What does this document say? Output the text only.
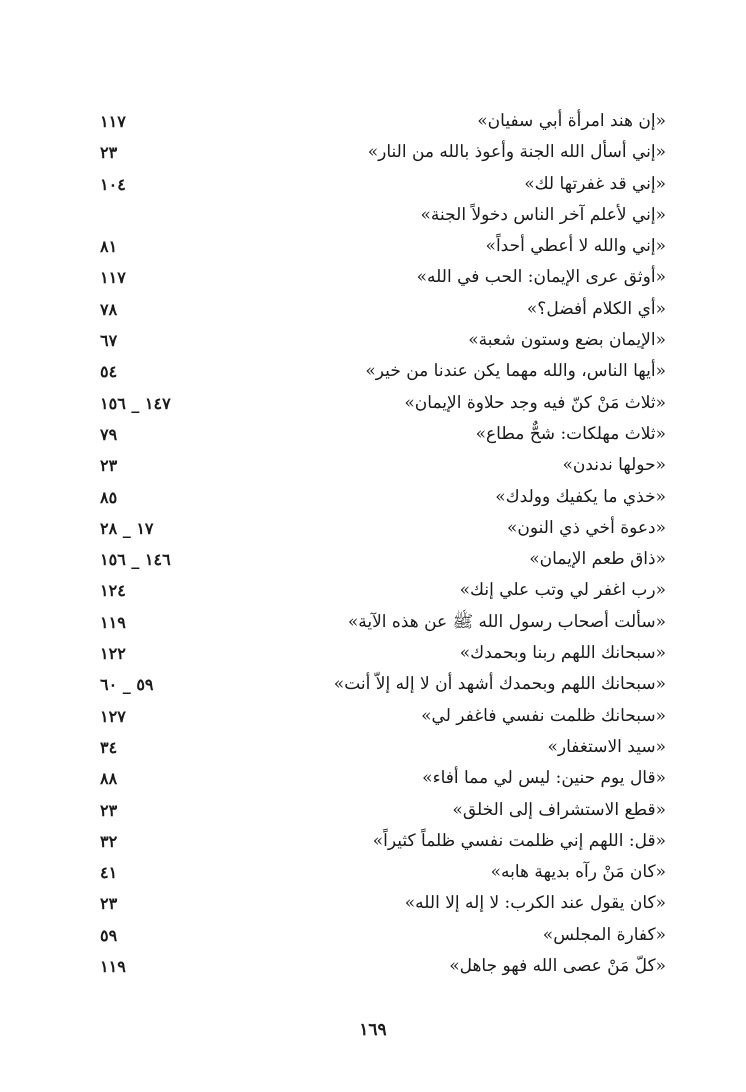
«إن هند امرأة أبي سفيان»
١١٧
«إني أسأل الله الجنة وأعوذ بالله من النار»
٢٣
«إني قد غفرتها لك»
١٠٤
«إني لأعلم آخر الناس دخولاً الجنة»
«إني والله لا أعطي أحداً»
٨١
«أوثق عرى الإيمان: الحب في الله»
١١٧
«أي الكلام أفضل؟»
٧٨
«الإيمان بضع وستون شعبة»
٦٧
«أيها الناس، والله مهما يكن عندنا من خير»
٥٤
«ثلاث مَنْ كنّ فيه وجد حلاوة الإيمان»
١٤٧ _ ١٥٦
«ثلاث مهلكات: شحٌّ مطاع»
٧٩
«حولها ندندن»
٢٣
«خذي ما يكفيك وولدك»
٨٥
«دعوة أخي ذي النون»
١٧ _ ٢٨
«ذاق طعم الإيمان»
١٤٦ _ ١٥٦
«رب اغفر لي وتب علي إنك»
١٢٤
«سألت أصحاب رسول الله ﷺ عن هذه الآية»
١١٩
«سبحانك اللهم ربنا وبحمدك»
١٢٢
«سبحانك اللهم وبحمدك أشهد أن لا إله إلاّ أنت»
٥٩ _ ٦٠
«سبحانك ظلمت نفسي فاغفر لي»
١٢٧
«سيد الاستغفار»
٣٤
«قال يوم حنين: ليس لي مما أفاء»
٨٨
«قطع الاستشراف إلى الخلق»
٢٣
«قل: اللهم إني ظلمت نفسي ظلماً كثيراً»
٣٢
«كان مَنْ رآه بديهة هابه»
٤١
«كان يقول عند الكرب: لا إله إلا الله»
٢٣
«كفارة المجلس»
٥٩
«كلّ مَنْ عصى الله فهو جاهل»
١١٩
١٦٩
